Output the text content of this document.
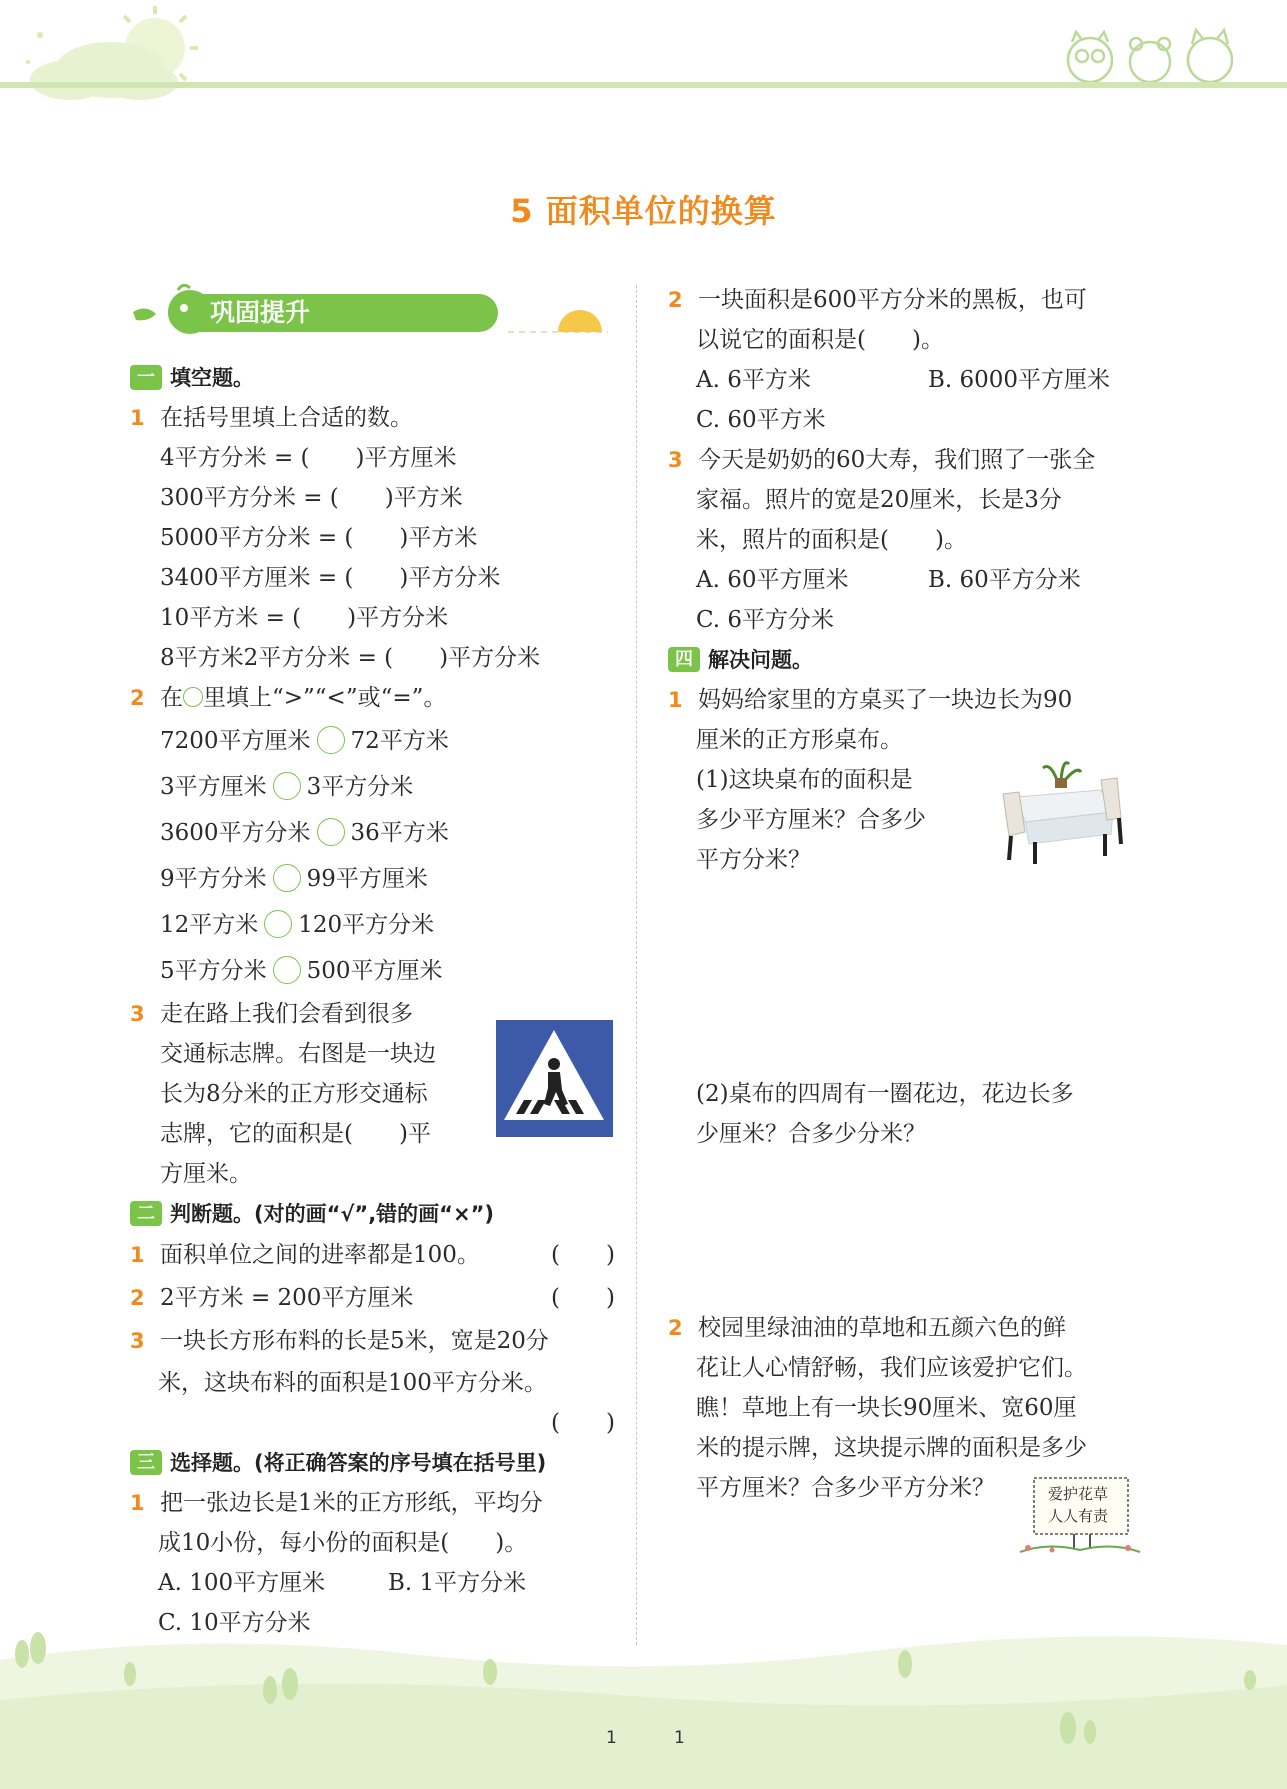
5 面积单位的换算
巩固提升
一 填空题。
1 在括号里填上合适的数。
4平方分米 = (　　)平方厘米
300平方分米 = (　　)平方米
5000平方分米 = (　　)平方米
3400平方厘米 = (　　)平方分米
10平方米 = (　　)平方分米
8平方米2平方分米 = (　　)平方分米
2 在 里填上“>”“<”或“=”。
7200平方厘米 72平方米
3平方厘米 3平方分米
3600平方分米 36平方米
9平方分米 99平方厘米
12平方米 120平方分米
5平方分米 500平方厘米
3 走在路上我们会看到很多
交通标志牌。右图是一块边
长为8分米的正方形交通标
志牌，它的面积是(　　)平
方厘米。
二 判断题。(对的画“√”,错的画“×”)
1 面积单位之间的进率都是100。	(　　)
2 2平方米 = 200平方厘米	(　　)
3 一块长方形布料的长是5米，宽是20分
米，这块布料的面积是100平方分米。
(　　)
三 选择题。(将正确答案的序号填在括号里)
1 把一张边长是1米的正方形纸，平均分
成10小份，每小份的面积是(　　)。
A. 100平方厘米	B. 1平方分米
C. 10平方分米
2 一块面积是600平方分米的黑板，也可
以说它的面积是(　　)。
A. 6平方米	B. 6000平方厘米
C. 60平方米
3 今天是奶奶的60大寿，我们照了一张全
家福。照片的宽是20厘米，长是3分
米，照片的面积是(　　)。
A. 60平方厘米	B. 60平方分米
C. 6平方分米
四 解决问题。
1 妈妈给家里的方桌买了一块边长为90
厘米的正方形桌布。
(1)这块桌布的面积是
多少平方厘米？合多少
平方分米？
(2)桌布的四周有一圈花边，花边长多
少厘米？合多少分米？
2 校园里绿油油的草地和五颜六色的鲜
花让人心情舒畅，我们应该爱护它们。
瞧！草地上有一块长90厘米、宽60厘
米的提示牌，这块提示牌的面积是多少
平方厘米？合多少平方分米？	爱护花草
人人有责
1	1
